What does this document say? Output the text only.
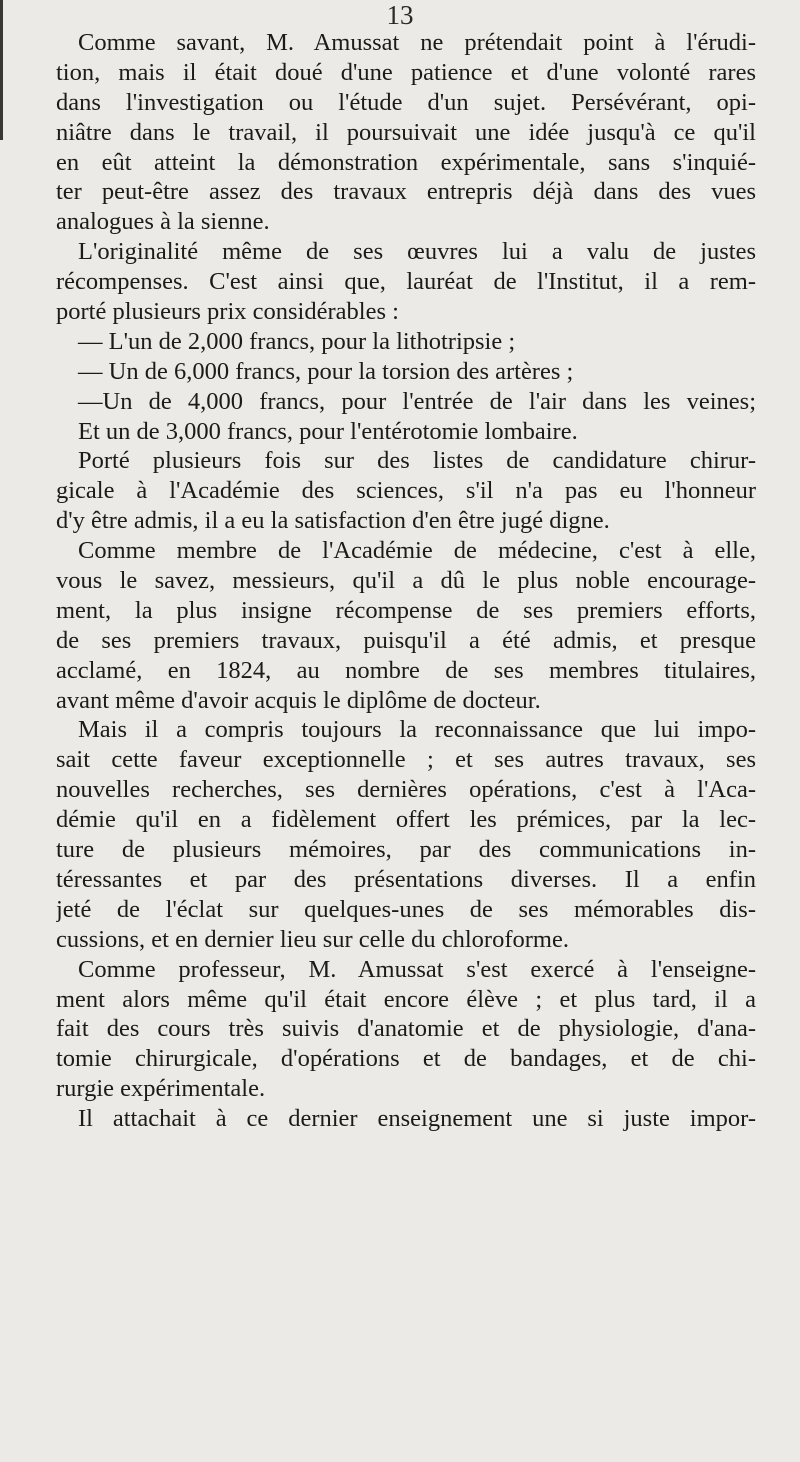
13
Comme savant, M. Amussat ne prétendait point à l'érudi-
tion, mais il était doué d'une patience et d'une volonté rares
dans l'investigation ou l'étude d'un sujet. Persévérant, opi-
niâtre dans le travail, il poursuivait une idée jusqu'à ce qu'il
en eût atteint la démonstration expérimentale, sans s'inquié-
ter peut-être assez des travaux entrepris déjà dans des vues
analogues à la sienne.
L'originalité même de ses œuvres lui a valu de justes
récompenses. C'est ainsi que, lauréat de l'Institut, il a rem-
porté plusieurs prix considérables :
— L'un de 2,000 francs, pour la lithotripsie ;
— Un de 6,000 francs, pour la torsion des artères ;
—Un de 4,000 francs, pour l'entrée de l'air dans les veines;
Et un de 3,000 francs, pour l'entérotomie lombaire.
Porté plusieurs fois sur des listes de candidature chirur-
gicale à l'Académie des sciences, s'il n'a pas eu l'honneur
d'y être admis, il a eu la satisfaction d'en être jugé digne.
Comme membre de l'Académie de médecine, c'est à elle,
vous le savez, messieurs, qu'il a dû le plus noble encourage-
ment, la plus insigne récompense de ses premiers efforts,
de ses premiers travaux, puisqu'il a été admis, et presque
acclamé, en 1824, au nombre de ses membres titulaires,
avant même d'avoir acquis le diplôme de docteur.
Mais il a compris toujours la reconnaissance que lui impo-
sait cette faveur exceptionnelle ; et ses autres travaux, ses
nouvelles recherches, ses dernières opérations, c'est à l'Aca-
démie qu'il en a fidèlement offert les prémices, par la lec-
ture de plusieurs mémoires, par des communications in-
téressantes et par des présentations diverses. Il a enfin
jeté de l'éclat sur quelques-unes de ses mémorables dis-
cussions, et en dernier lieu sur celle du chloroforme.
Comme professeur, M. Amussat s'est exercé à l'enseigne-
ment alors même qu'il était encore élève ; et plus tard, il a
fait des cours très suivis d'anatomie et de physiologie, d'ana-
tomie chirurgicale, d'opérations et de bandages, et de chi-
rurgie expérimentale.
Il attachait à ce dernier enseignement une si juste impor-
